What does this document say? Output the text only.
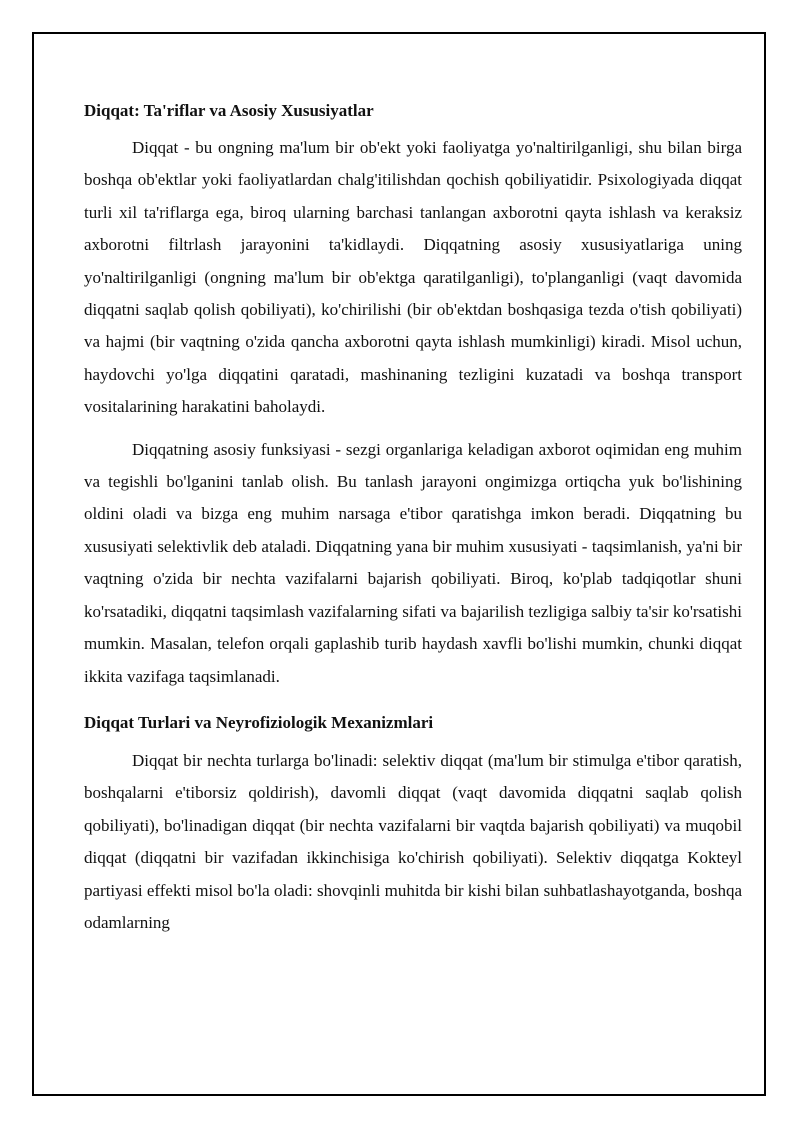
Diqqat: Ta'riflar va Asosiy Xususiyatlar

Diqqat - bu ongning ma'lum bir ob'ekt yoki faoliyatga yo'naltirilganligi, shu bilan birga boshqa ob'ektlar yoki faoliyatlardan chalg'itilishdan qochish qobiliyatidir. Psixologiyada diqqat turli xil ta'riflarga ega, biroq ularning barchasi tanlangan axborotni qayta ishlash va keraksiz axborotni filtrlash jarayonini ta'kidlaydi. Diqqatning asosiy xususiyatlariga uning yo'naltirilganligi (ongning ma'lum bir ob'ektga qaratilganligi), to'planganligi (vaqt davomida diqqatni saqlab qolish qobiliyati), ko'chirilishi (bir ob'ektdan boshqasiga tezda o'tish qobiliyati) va hajmi (bir vaqtning o'zida qancha axborotni qayta ishlash mumkinligi) kiradi. Misol uchun, haydovchi yo'lga diqqatini qaratadi, mashinaning tezligini kuzatadi va boshqa transport vositalarining harakatini baholaydi.

Diqqatning asosiy funksiyasi - sezgi organlariga keladigan axborot oqimidan eng muhim va tegishli bo'lganini tanlab olish. Bu tanlash jarayoni ongimizga ortiqcha yuk bo'lishining oldini oladi va bizga eng muhim narsaga e'tibor qaratishga imkon beradi. Diqqatning bu xususiyati selektivlik deb ataladi. Diqqatning yana bir muhim xususiyati - taqsimlanish, ya'ni bir vaqtning o'zida bir nechta vazifalarni bajarish qobiliyati. Biroq, ko'plab tadqiqotlar shuni ko'rsatadiki, diqqatni taqsimlash vazifalarning sifati va bajarilish tezligiga salbiy ta'sir ko'rsatishi mumkin. Masalan, telefon orqali gaplashib turib haydash xavfli bo'lishi mumkin, chunki diqqat ikkita vazifaga taqsimlanadi.

Diqqat Turlari va Neyrofiziologik Mexanizmlari

Diqqat bir nechta turlarga bo'linadi: selektiv diqqat (ma'lum bir stimulga e'tibor qaratish, boshqalarni e'tiborsiz qoldirish), davomli diqqat (vaqt davomida diqqatni saqlab qolish qobiliyati), bo'linadigan diqqat (bir nechta vazifalarni bir vaqtda bajarish qobiliyati) va muqobil diqqat (diqqatni bir vazifadan ikkinchisiga ko'chirish qobiliyati). Selektiv diqqatga Kokteyl partiyasi effekti misol bo'la oladi: shovqinli muhitda bir kishi bilan suhbatlashayotganda, boshqa odamlarning
